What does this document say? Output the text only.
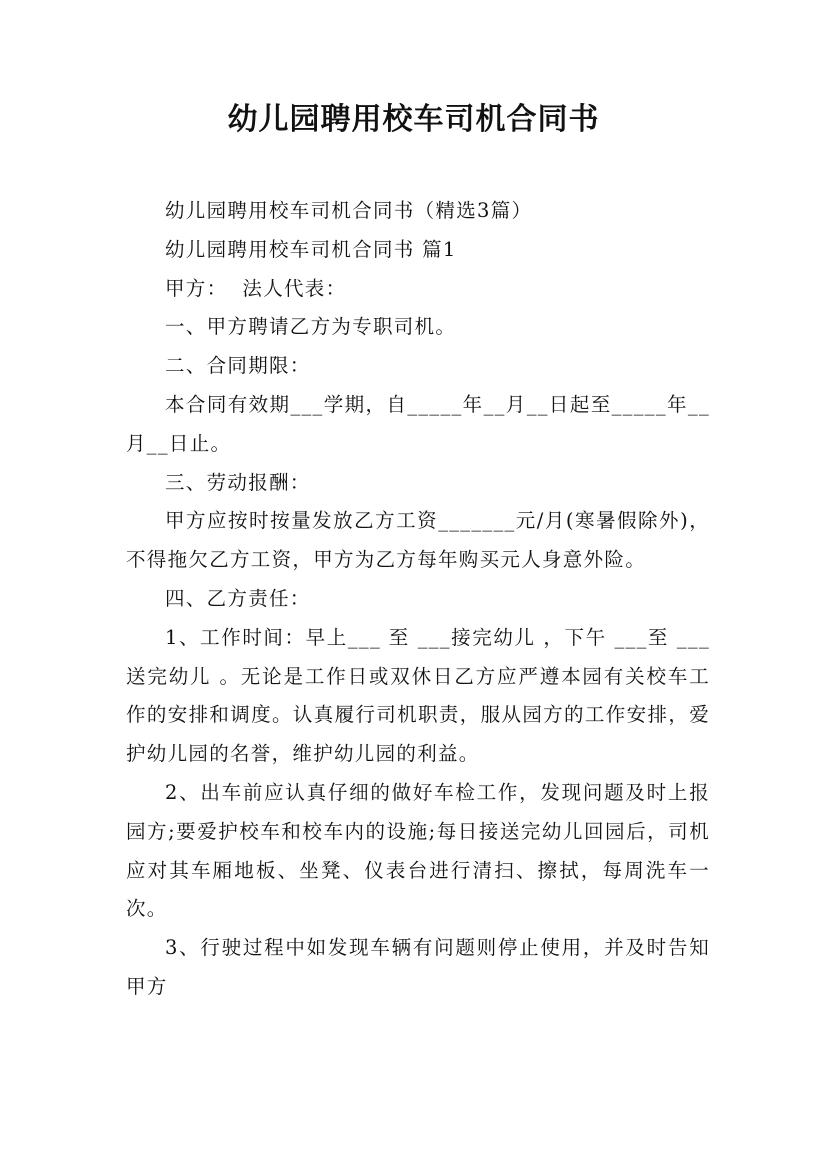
幼儿园聘用校车司机合同书

幼儿园聘用校车司机合同书（精选3篇）

幼儿园聘用校车司机合同书 篇1

甲方：  法人代表：

一、甲方聘请乙方为专职司机。

二、合同期限：

本合同有效期___学期，自_____年__月__日起至_____年__月__日止。

三、劳动报酬：

甲方应按时按量发放乙方工资_______元/月(寒暑假除外)，不得拖欠乙方工资，甲方为乙方每年购买元人身意外险。

四、乙方责任：

1、工作时间：早上___ 至 ___接完幼儿 ，下午 ___至 ___送完幼儿 。无论是工作日或双休日乙方应严遵本园有关校车工作的安排和调度。认真履行司机职责，服从园方的工作安排，爱护幼儿园的名誉，维护幼儿园的利益。

2、出车前应认真仔细的做好车检工作，发现问题及时上报园方;要爱护校车和校车内的设施;每日接送完幼儿回园后，司机应对其车厢地板、坐凳、仪表台进行清扫、擦拭，每周洗车一次。

3、行驶过程中如发现车辆有问题则停止使用，并及时告知甲方
